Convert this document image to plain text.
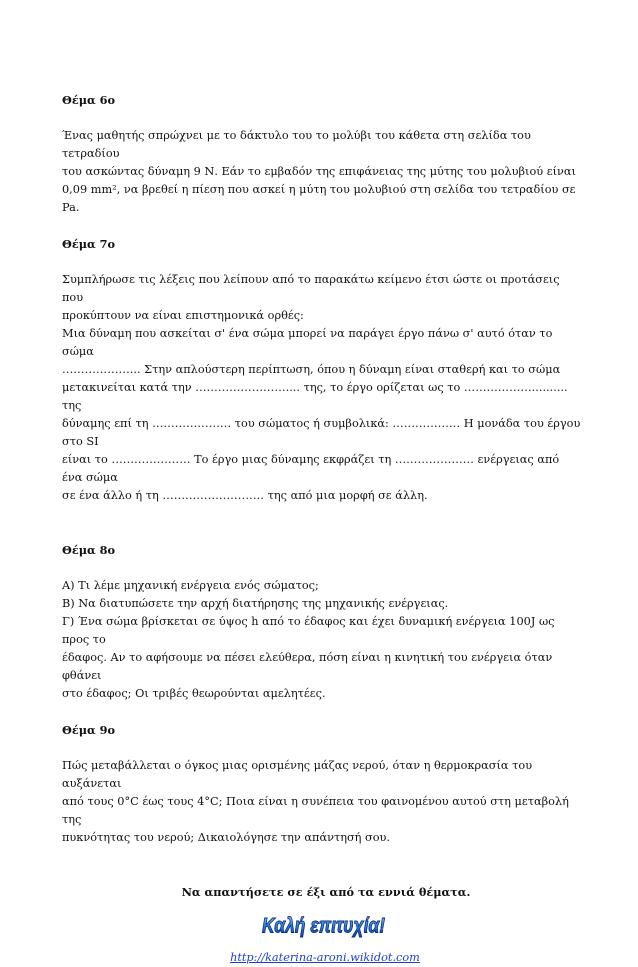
Θέμα 6ο

Ένας μαθητής σπρώχνει με το δάκτυλο του το μολύβι του κάθετα στη σελίδα του τετραδίου

του ασκώντας δύναμη 9 Ν. Εάν το εμβαδόν της επιφάνειας της μύτης του μολυβιού είναι

0,09 mm², να βρεθεί η πίεση που ασκεί η μύτη του μολυβιού στη σελίδα του τετραδίου σε Pa.

Θέμα 7ο

Συμπλήρωσε τις λέξεις που λείπουν από το παρακάτω κείμενο έτσι ώστε οι προτάσεις που

προκύπτουν να είναι επιστημονικά ορθές:

Μια δύναμη που ασκείται σ' ένα σώμα μπορεί να παράγει έργο πάνω σ' αυτό όταν το σώμα

………………... Στην απλούστερη περίπτωση, όπου η δύναμη είναι σταθερή και το σώμα

μετακινείται κατά την …………………….... της, το έργο ορίζεται ως το ……………….......... της

δύναμης επί τη ………………… του σώματος ή συμβολικά: ……………… Η μονάδα του έργου στο SI

είναι το ………………… Το έργο μιας δύναμης εκφράζει τη ………………… ενέργειας από ένα σώμα

σε ένα άλλο ή τη ……………………… της από μια μορφή σε άλλη.

Θέμα 8ο

Α) Τι λέμε μηχανική ενέργεια ενός σώματος;

Β) Να διατυπώσετε την αρχή διατήρησης της μηχανικής ενέργειας.

Γ) Ένα σώμα βρίσκεται σε ύψος h από το έδαφος και έχει δυναμική ενέργεια 100J ως προς το

έδαφος. Αν το αφήσουμε να πέσει ελεύθερα, πόση είναι η κινητική του ενέργεια όταν φθάνει

στο έδαφος; Οι τριβές θεωρούνται αμελητέες.

Θέμα 9ο

Πώς μεταβάλλεται ο όγκος μιας ορισμένης μάζας νερού, όταν η θερμοκρασία του αυξάνεται

από τους 0°C έως τους 4°C; Ποια είναι η συνέπεια του φαινομένου αυτού στη μεταβολή της

πυκνότητας του νερού; Δικαιολόγησε την απάντησή σου.

Να απαντήσετε σε έξι από τα εννιά θέματα.

Καλή επιτυχία!

http://katerina-aroni.wikidot.com
